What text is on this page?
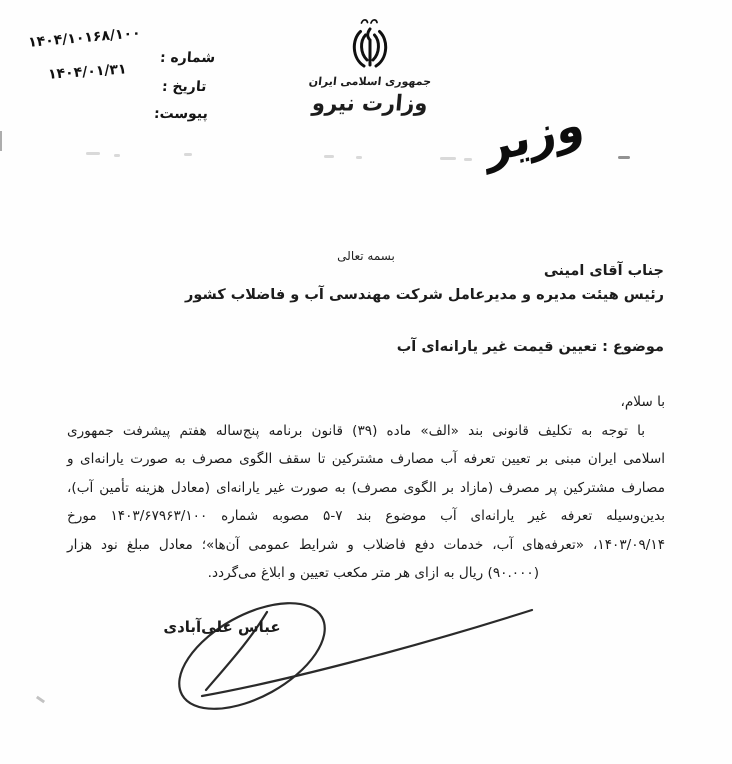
۱۴۰۴/۱۰۱۶۸/۱۰۰
شماره :
۱۴۰۴/۰۱/۳۱
تاریخ :
پیوست:
جمهوری اسلامی ایران
وزارت نیرو	وزیر
بسمه تعالی
جناب آقای امینی
رئیس هیئت مدیره و مدیرعامل شرکت مهندسی آب و فاضلاب کشور
موضوع : تعیین قیمت غیر یارانه‌ای آب
با سلام،
با توجه به تکلیف قانونی بند «الف» ماده (۳۹) قانون برنامه پنج‌ساله هفتم پیشرفت جمهوری
اسلامی ایران مبنی بر تعیین تعرفه آب مصارف مشترکین تا سقف الگوی مصرف به صورت یارانه‌ای و
مصارف مشترکین پر مصرف (مازاد بر الگوی مصرف) به صورت غیر یارانه‌ای (معادل هزینه تأمین آب)،
بدین‌وسیله تعرفه غیر یارانه‌ای آب موضوع بند ۷-۵ مصوبه شماره ۱۴۰۳/۶۷۹۶۳/۱۰۰ مورخ
۱۴۰۳/۰۹/۱۴، «تعرفه‌های آب، خدمات دفع فاضلاب و شرایط عمومی آن‌ها»؛ معادل مبلغ نود هزار
(۹۰.۰۰۰) ریال به ازای هر متر مکعب تعیین و ابلاغ می‌گردد.
عباس علی‌آبادی
